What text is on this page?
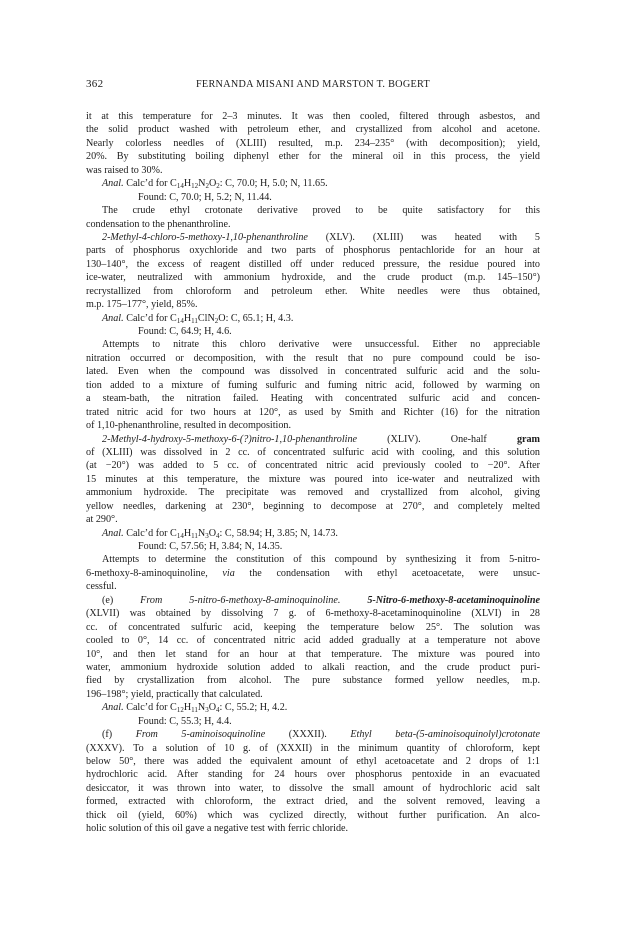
362	FERNANDA MISANI AND MARSTON T. BOGERT
it at this temperature for 2–3 minutes. It was then cooled, filtered through asbestos, and
the solid product washed with petroleum ether, and crystallized from alcohol and acetone.
Nearly colorless needles of (XLIII) resulted, m.p. 234–235° (with decomposition); yield,
20%. By substituting boiling diphenyl ether for the mineral oil in this process, the yield
was raised to 30%.
Anal. Calc’d for $C_{14}H_{12}N_2O_2$: C, 70.0; H, 5.0; N, 11.65.
Found: C, 70.0; H, 5.2; N, 11.44.
The crude ethyl crotonate derivative proved to be quite satisfactory for this
condensation to the phenanthroline.
2-Methyl-4-chloro-5-methoxy-1,10-phenanthroline (XLV). (XLIII) was heated with 5
parts of phosphorus oxychloride and two parts of phosphorus pentachloride for an hour at
130–140°, the excess of reagent distilled off under reduced pressure, the residue poured into
ice-water, neutralized with ammonium hydroxide, and the crude product (m.p. 145–150°)
recrystallized from chloroform and petroleum ether. White needles were thus obtained,
m.p. 175–177°, yield, 85%.
Anal. Calc’d for $C_{14}H_{11}ClN_2O$: C, 65.1; H, 4.3.
Found: C, 64.9; H, 4.6.
Attempts to nitrate this chloro derivative were unsuccessful. Either no appreciable
nitration occurred or decomposition, with the result that no pure compound could be iso-
lated. Even when the compound was dissolved in concentrated sulfuric acid and the solu-
tion added to a mixture of fuming sulfuric and fuming nitric acid, followed by warming on
a steam-bath, the nitration failed. Heating with concentrated sulfuric acid and concen-
trated nitric acid for two hours at 120°, as used by Smith and Richter (16) for the nitration
of 1,10-phenanthroline, resulted in decomposition.
2-Methyl-4-hydroxy-5-methoxy-6-(?)nitro-1,10-phenanthroline (XLIV). One-half gram
of (XLIII) was dissolved in 2 cc. of concentrated sulfuric acid with cooling, and this solution
(at −20°) was added to 5 cc. of concentrated nitric acid previously cooled to −20°. After
15 minutes at this temperature, the mixture was poured into ice-water and neutralized with
ammonium hydroxide. The precipitate was removed and crystallized from alcohol, giving
yellow needles, darkening at 230°, beginning to decompose at 270°, and completely melted
at 290°.
Anal. Calc’d for $C_{14}H_{11}N_3O_4$: C, 58.94; H, 3.85; N, 14.73.
Found: C, 57.56; H, 3.84; N, 14.35.
Attempts to determine the constitution of this compound by synthesizing it from 5-nitro-
6-methoxy-8-aminoquinoline, via the condensation with ethyl acetoacetate, were unsuc-
cessful.
(e) From 5-nitro-6-methoxy-8-aminoquinoline.	5-Nitro-6-methoxy-8-acetaminoquinoline
(XLVII) was obtained by dissolving 7 g. of 6-methoxy-8-acetaminoquinoline (XLVI) in 28
cc. of concentrated sulfuric acid, keeping the temperature below 25°. The solution was
cooled to 0°, 14 cc. of concentrated nitric acid added gradually at a temperature not above
10°, and then let stand for an hour at that temperature. The mixture was poured into
water, ammonium hydroxide solution added to alkali reaction, and the crude product puri-
fied by crystallization from alcohol. The pure substance formed yellow needles, m.p.
196–198°; yield, practically that calculated.
Anal. Calc’d for $C_{12}H_{11}N_3O_4$: C, 55.2; H, 4.2.
Found: C, 55.3; H, 4.4.
(f) From 5-aminoisoquinoline (XXXII). Ethyl beta-(5-aminoisoquinolyl)crotonate
(XXXV). To a solution of 10 g. of (XXXII) in the minimum quantity of chloroform, kept
below 50°, there was added the equivalent amount of ethyl acetoacetate and 2 drops of 1:1
hydrochloric acid. After standing for 24 hours over phosphorus pentoxide in an evacuated
desiccator, it was thrown into water, to dissolve the small amount of hydrochloric acid salt
formed, extracted with chloroform, the extract dried, and the solvent removed, leaving a
thick oil (yield, 60%) which was cyclized directly, without further purification. An alco-
holic solution of this oil gave a negative test with ferric chloride.
